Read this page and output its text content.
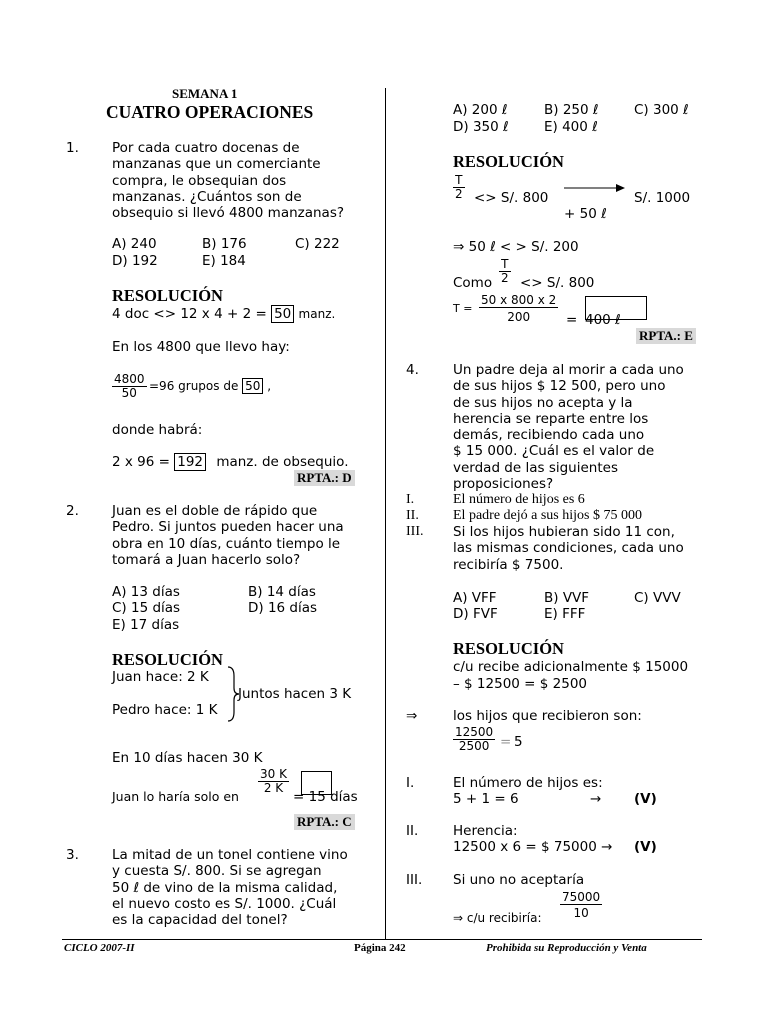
SEMANA 1
CUATRO OPERACIONES
1. Por cada cuatro docenas de
manzanas que un comerciante
compra, le obsequian dos
manzanas. ¿Cuántos son de
obsequio si llevó 4800 manzanas?
A) 240	B) 176	C) 222
D) 192	E) 184
RESOLUCIÓN
4 doc <> 12 x 4 + 2 = 50 manz.
En los 4800 que llevo hay:
$\frac{4800}{50} =96$ grupos de 50 ,
donde habrá:
2 x 96 = 192 manz. de obsequio.
RPTA.: D
2. Juan es el doble de rápido que
Pedro. Si juntos pueden hacer una
obra en 10 días, cuánto tiempo le
tomará a Juan hacerlo solo?
A) 13 días	B) 14 días
C) 15 días	D) 16 días
E) 17 días
RESOLUCIÓN
Juan hace: 2 K
Pedro hace: 1 K
Juntos hacen 3 K
En 10 días hacen 30 K
Juan lo haría solo en
$\frac{30 K}{2 K}$
= 15 días
RPTA.: C
3. La mitad de un tonel contiene vino
y cuesta S/. 800. Si se agregan
50 ℓ de vino de la misma calidad,
el nuevo costo es S/. 1000. ¿Cuál
es la capacidad del tonel?
A) 200 ℓ	B) 250 ℓ	C) 300 ℓ
D) 350 ℓ	E) 400 ℓ
RESOLUCIÓN
$\frac{T}{2} <> S/$. 800	S/. 1000
+ 50 ℓ
⇒ 50 ℓ < > S/. 200
Como $\frac{T}{2} <> S/$. 800
$T = \frac{50 x 800 x 2}{200} = 400$ ℓ
RPTA.: E
4.	Un padre deja al morir a cada uno
de sus hijos $ 12 500, pero uno
de sus hijos no acepta y la
herencia se reparte entre los
demás, recibiendo cada uno
$ 15 000. ¿Cuál es el valor de
verdad de las siguientes
proposiciones?
I.	El número de hijos es 6
II. El padre dejó a sus hijos $ 75 000
III. Si los hijos hubieran sido 11 con,
las mismas condiciones, cada uno
recibiría $ 7500.
A) VFF	B) VVF	C) VVV
D) FVF	E) FFF
RESOLUCIÓN
c/u recibe adicionalmente $ 15000
– $ 12500 = $ 2500
⇒	los hijos que recibieron son:
$\frac{12500}{2500} = 5$
I.	El número de hijos es:
5 + 1 = 6	→ (V)
II.	Herencia:
12500 x 6 = $ 75000 → (V)
III. Si uno no aceptaría
⇒ c/u recibiría: $\frac{75000}{10}$
CICLO 2007-II	Página 242	Prohibida su Reproducción y Venta
